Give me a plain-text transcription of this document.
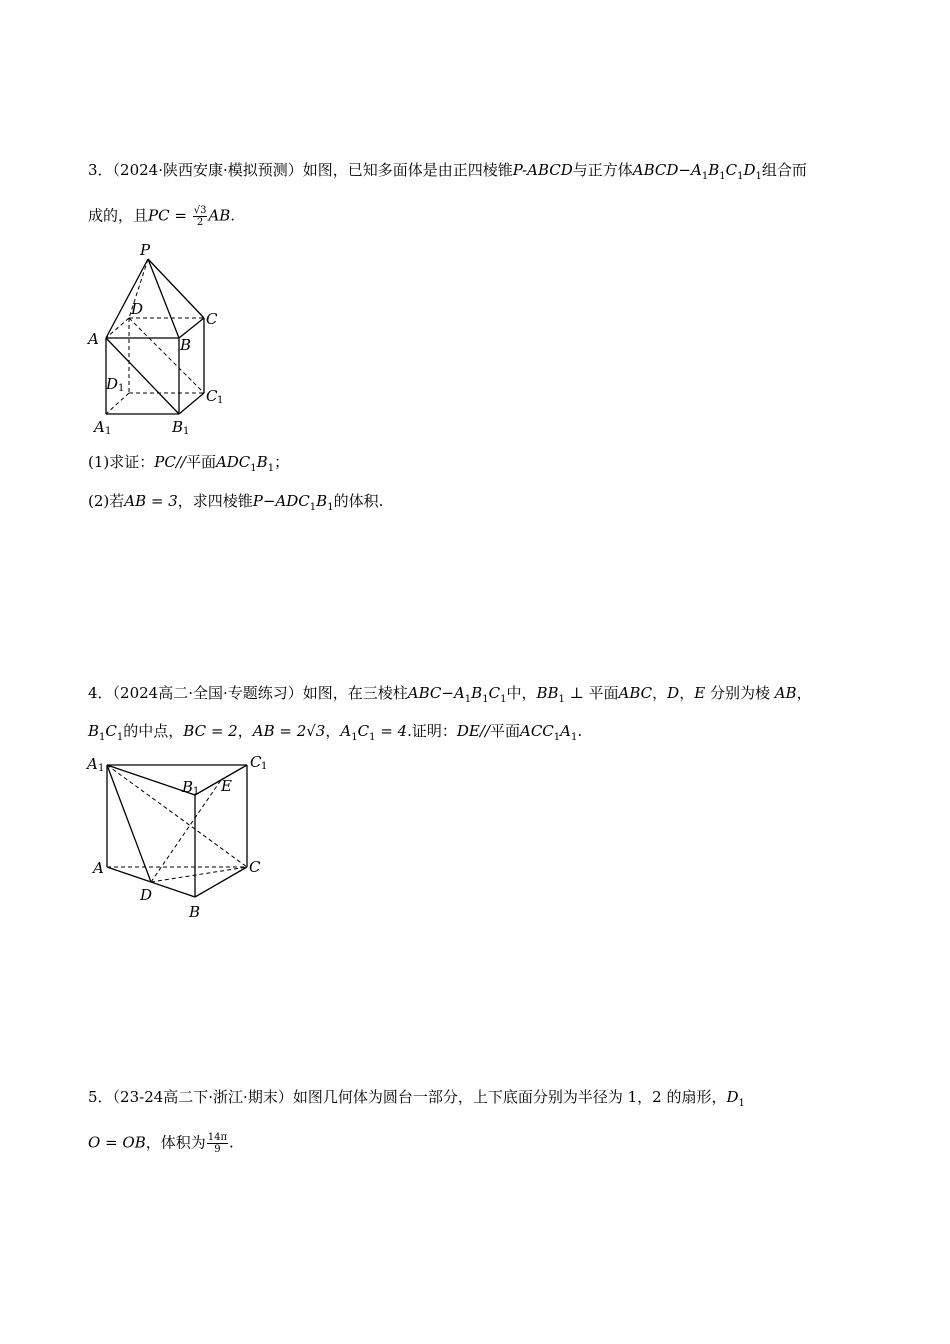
3．（2024·陕西安康·模拟预测）如图，已知多面体是由正四棱锥P-ABCD与正方体$ABCD-A_1B_1C_1D_1$组合而
成的，且PC = $\frac{√3}{2}$ AB.
P
D
C
A	B
D 1	C 1
A 1	B 1
(1)求证：PC//平面$ADC_1B_1$；
(2)若AB = 3，求四棱锥$P-ADC_1B_1$的体积.
4．（2024高二·全国·专题练习）如图，在三棱柱$ABC-A_1B_1C_1$中，$BB_1$ ⊥ 平面ABC，D，E 分别为棱 AB，
$B_1C_1$的中点，BC = 2，AB = 2√3，$A_1C_1 = 4$.证明：DE//平面$ACC_1A_1$.
A 1	C 1
B 1 E
A	C
D
B
5．（23-24高二下·浙江·期末）如图几何体为圆台一部分，上下底面分别为半径为 1，2 的扇形，$D_1$
O = OB，体积为 $\frac{14\pi}{9}$ .
